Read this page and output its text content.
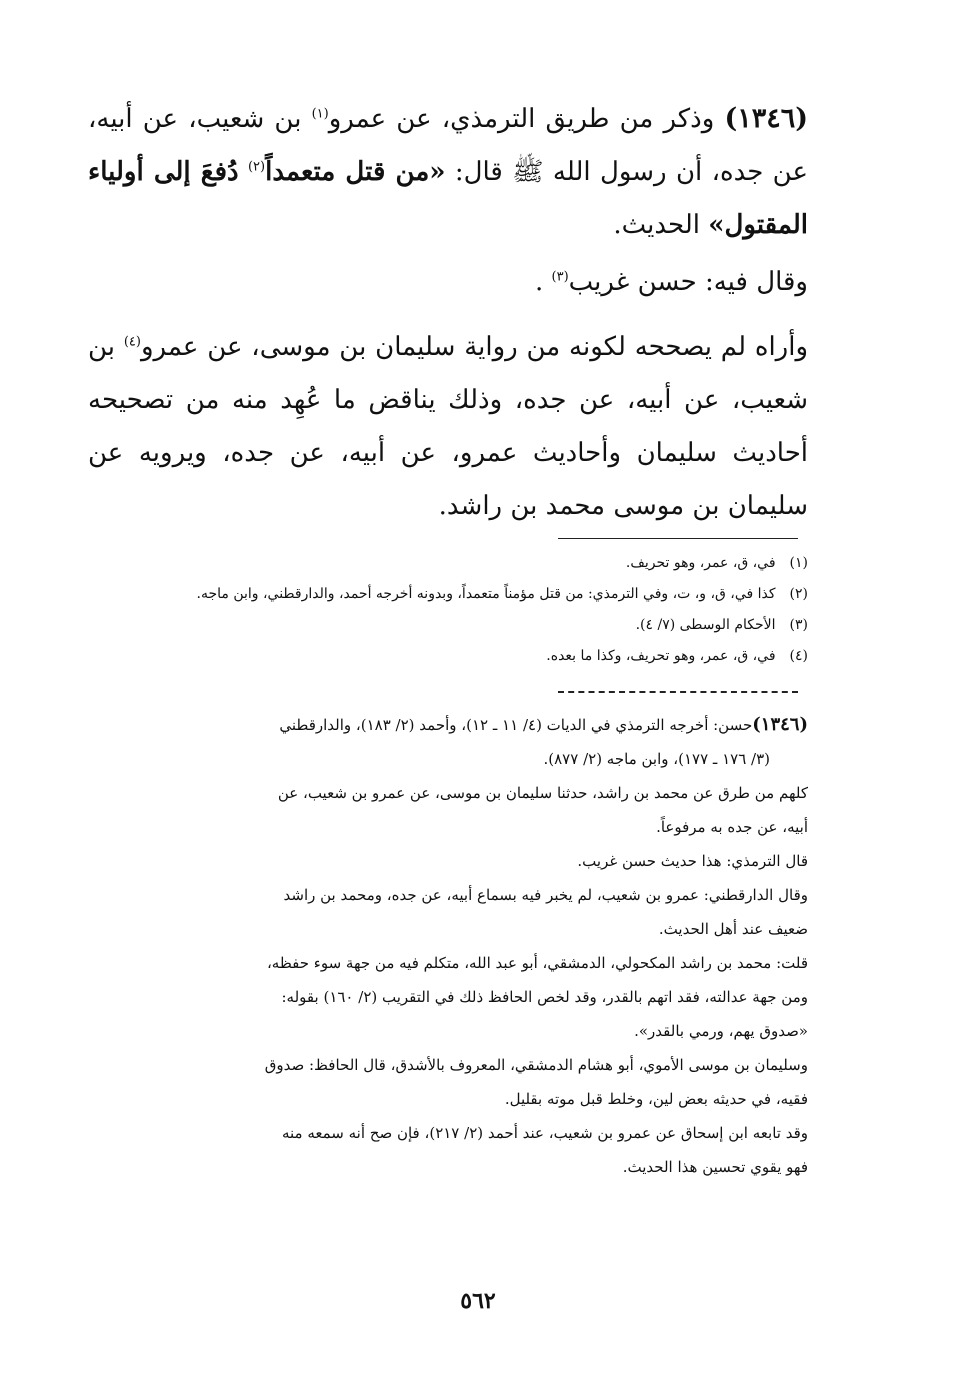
(١٣٤٦) وذكر من طريق الترمذي، عن عمرو$^{(١)}$ بن شعيب، عن أبيه، عن جده، أن رسول الله ﷺ قال: «من قتل متعمداً$^{(٢)}$ دُفعَ إلى أولياء المقتول» الحديث.

وقال فيه: حسن غريب$^{(٣)}$ .

وأراه لم يصححه لكونه من رواية سليمان بن موسى، عن عمرو$^{(٤)}$ بن شعيب، عن أبيه، عن جده، وذلك يناقض ما عُهِد منه من تصحيحه أحاديث سليمان وأحاديث عمرو، عن أبيه، عن جده، ويرويه عن سليمان بن موسى محمد بن راشد.

(١) في، ق، عمر، وهو تحريف.
(٢) كذا في، ق، و، ت، وفي الترمذي: من قتل مؤمناً متعمداً، وبدونه أخرجه أحمد، والدارقطني، وابن ماجه.
(٣) الأحكام الوسطى (٧/ ٤).
(٤) في، ق، عمر، وهو تحريف، وكذا ما بعده.

(١٣٤٦)حسن: أخرجه الترمذي في الديات (٤/ ١١ ـ ١٢)، وأحمد (٢/ ١٨٣)، والدارقطني

(٣/ ١٧٦ ـ ١٧٧)، وابن ماجه (٢/ ٨٧٧).

كلهم من طرق عن محمد بن راشد، حدثنا سليمان بن موسى، عن عمرو بن شعيب، عن

أبيه، عن جده به مرفوعاً.

قال الترمذي: هذا حديث حسن غريب.

وقال الدارقطني: عمرو بن شعيب، لم يخبر فيه بسماع أبيه، عن جده، ومحمد بن راشد

ضعيف عند أهل الحديث.

قلت: محمد بن راشد المكحولي، الدمشقي، أبو عبد الله، متكلم فيه من جهة سوء حفظه،

ومن جهة عدالته، فقد اتهم بالقدر، وقد لخص الحافظ ذلك في التقريب (٢/ ١٦٠) بقوله:

«صدوق يهم، ورمي بالقدر».

وسليمان بن موسى الأموي، أبو هشام الدمشقي، المعروف بالأشدق، قال الحافظ: صدوق

فقيه، في حديثه بعض لين، وخلط قبل موته بقليل.

وقد تابعه ابن إسحاق عن عمرو بن شعيب، عند أحمد (٢/ ٢١٧)، فإن صح أنه سمعه منه

فهو يقوي تحسين هذا الحديث.

٥٦٢
